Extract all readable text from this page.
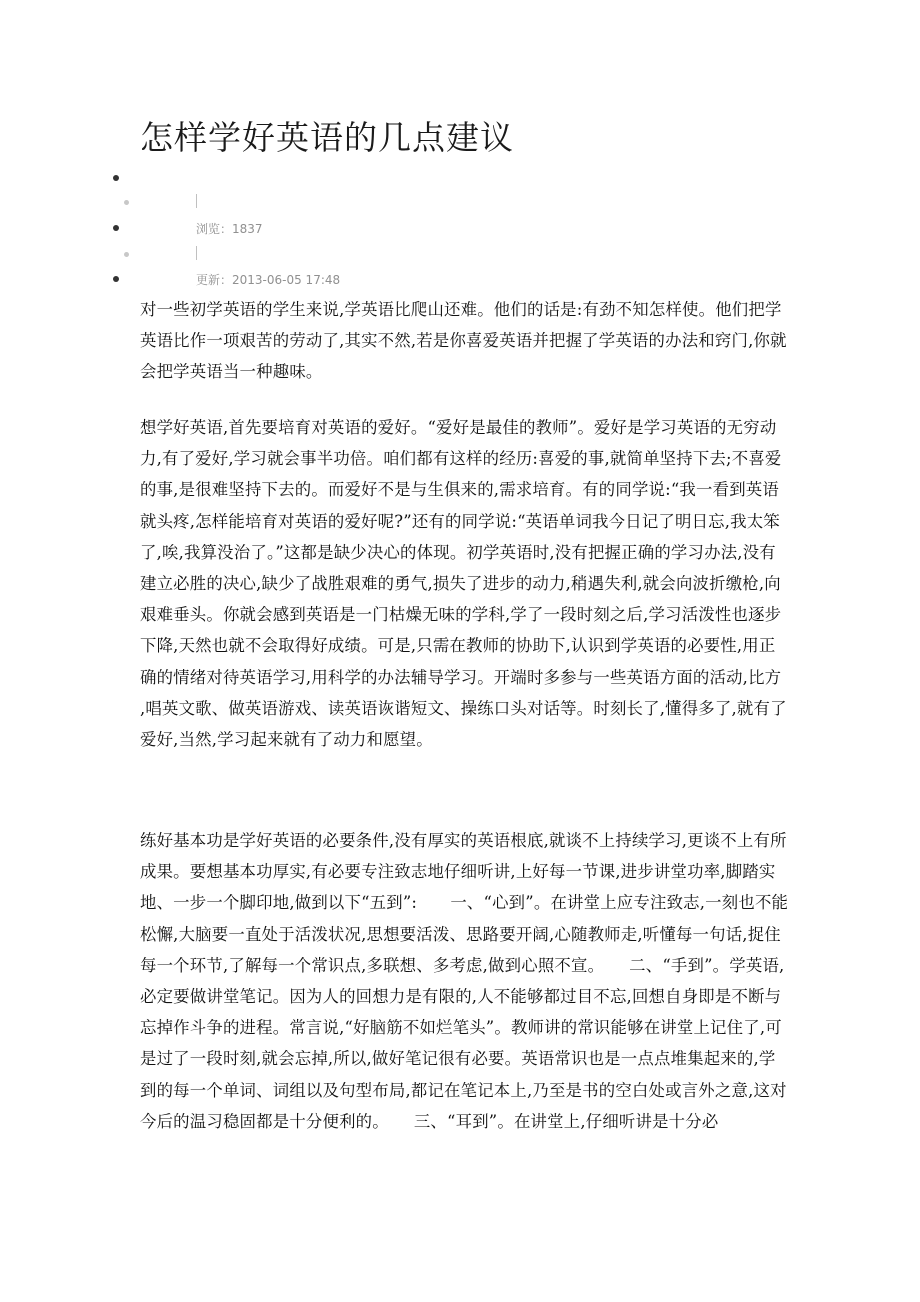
怎样学好英语的几点建议
浏览：1837
更新：2013-06-05 17:48

对一些初学英语的学生来说,学英语比爬山还难。他们的话是:有劲不知怎样使。他们把学英语比作一项艰苦的劳动了,其实不然,若是你喜爱英语并把握了学英语的办法和窍门,你就会把学英语当一种趣味。

想学好英语,首先要培育对英语的爱好。“爱好是最佳的教师”。爱好是学习英语的无穷动力,有了爱好,学习就会事半功倍。咱们都有这样的经历:喜爱的事,就简单坚持下去;不喜爱的事,是很难坚持下去的。而爱好不是与生俱来的,需求培育。有的同学说:“我一看到英语就头疼,怎样能培育对英语的爱好呢?”还有的同学说:“英语单词我今日记了明日忘,我太笨了,唉,我算没治了。”这都是缺少决心的体现。初学英语时,没有把握正确的学习办法,没有建立必胜的决心,缺少了战胜艰难的勇气,损失了进步的动力,稍遇失利,就会向波折缴枪,向艰难垂头。你就会感到英语是一门枯燥无味的学科,学了一段时刻之后,学习活泼性也逐步下降,天然也就不会取得好成绩。可是,只需在教师的协助下,认识到学英语的必要性,用正确的情绪对待英语学习,用科学的办法辅导学习。开端时多参与一些英语方面的活动,比方 ,唱英文歌、做英语游戏、读英语诙谐短文、操练口头对话等。时刻长了,懂得多了,就有了爱好,当然,学习起来就有了动力和愿望。

练好基本功是学好英语的必要条件,没有厚实的英语根底,就谈不上持续学习,更谈不上有所成果。要想基本功厚实,有必要专注致志地仔细听讲,上好每一节课,进步讲堂功率,脚踏实地、一步一个脚印地,做到以下“五到”:　　一、“心到”。在讲堂上应专注致志,一刻也不能松懈,大脑要一直处于活泼状况,思想要活泼、思路要开阔,心随教师走,听懂每一句话,捉住每一个环节,了解每一个常识点,多联想、多考虑,做到心照不宣。　　二、“手到”。学英语,必定要做讲堂笔记。因为人的回想力是有限的,人不能够都过目不忘,回想自身即是不断与忘掉作斗争的进程。常言说,“好脑筋不如烂笔头”。教师讲的常识能够在讲堂上记住了,可是过了一段时刻,就会忘掉,所以,做好笔记很有必要。英语常识也是一点点堆集起来的,学到的每一个单词、词组以及句型布局,都记在笔记本上,乃至是书的空白处或言外之意,这对今后的温习稳固都是十分便利的。　　三、“耳到”。在讲堂上,仔细听讲是十分必
